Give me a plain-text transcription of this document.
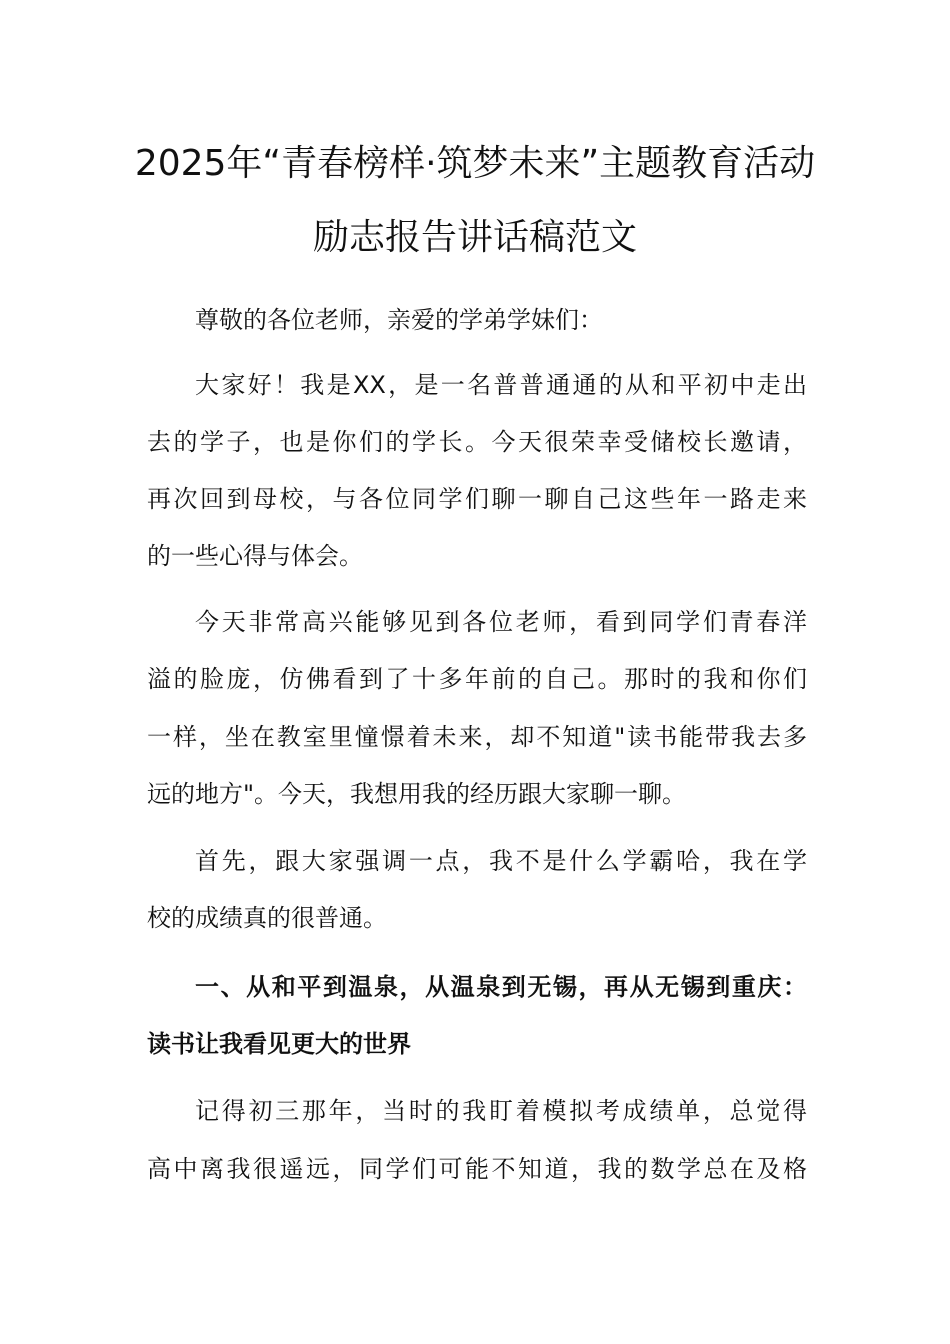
2025年“青春榜样·筑梦未来”主题教育活动
励志报告讲话稿范文
尊敬的各位老师，亲爱的学弟学妹们：
大家好！我是XX，是一名普普通通的从和平初中走出
去的学子，也是你们的学长。今天很荣幸受储校长邀请，
再次回到母校，与各位同学们聊一聊自己这些年一路走来
的一些心得与体会。
今天非常高兴能够见到各位老师，看到同学们青春洋
溢的脸庞，仿佛看到了十多年前的自己。那时的我和你们
一样，坐在教室里憧憬着未来，却不知道"读书能带我去多
远的地方"。今天，我想用我的经历跟大家聊一聊。
首先，跟大家强调一点，我不是什么学霸哈，我在学
校的成绩真的很普通。
一、从和平到温泉，从温泉到无锡，再从无锡到重庆：
读书让我看见更大的世界
记得初三那年，当时的我盯着模拟考成绩单，总觉得
高中离我很遥远，同学们可能不知道，我的数学总在及格
